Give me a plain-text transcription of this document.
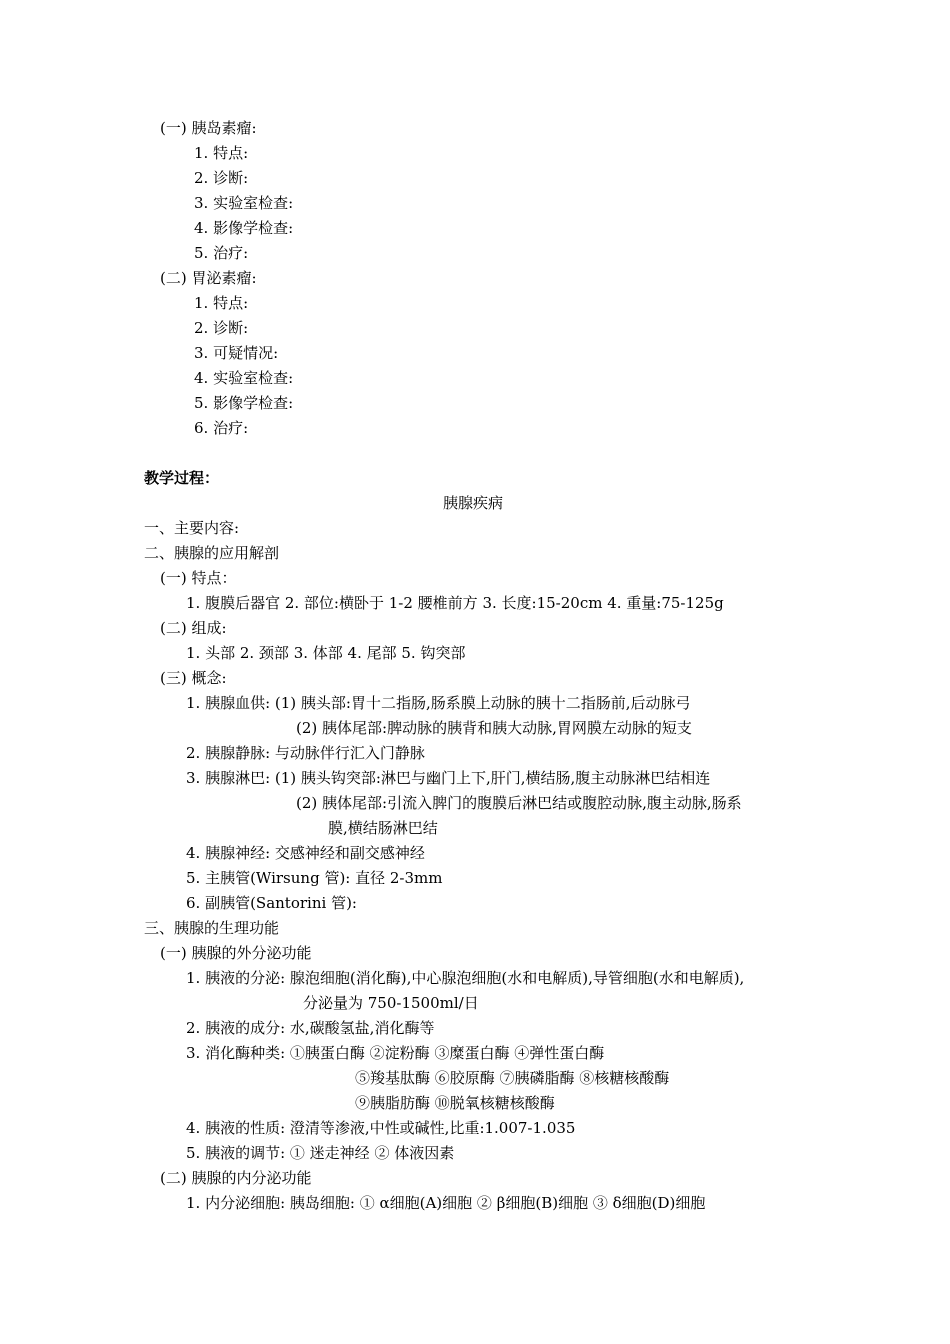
(一) 胰岛素瘤:
1. 特点:
2. 诊断:
3. 实验室检查:
4. 影像学检查:
5. 治疗:
(二) 胃泌素瘤:
1. 特点:
2. 诊断:
3. 可疑情况:
4. 实验室检查:
5. 影像学检查:
6. 治疗:
教学过程：
胰腺疾病
一、主要内容:
二、胰腺的应用解剖
(一) 特点：
1. 腹膜后器官 2. 部位:横卧于 1-2 腰椎前方 3. 长度:15-20cm 4. 重量:75-125g
(二) 组成:
1. 头部 2. 颈部 3. 体部 4. 尾部 5. 钩突部
(三) 概念:
1. 胰腺血供: (1) 胰头部:胃十二指肠,肠系膜上动脉的胰十二指肠前,后动脉弓
(2) 胰体尾部:脾动脉的胰背和胰大动脉,胃网膜左动脉的短支
2. 胰腺静脉: 与动脉伴行汇入门静脉
3. 胰腺淋巴: (1) 胰头钩突部:淋巴与幽门上下,肝门,横结肠,腹主动脉淋巴结相连
(2) 胰体尾部:引流入脾门的腹膜后淋巴结或腹腔动脉,腹主动脉,肠系
膜,横结肠淋巴结
4. 胰腺神经: 交感神经和副交感神经
5. 主胰管(Wirsung 管): 直径 2-3mm
6. 副胰管(Santorini 管):
三、胰腺的生理功能
(一) 胰腺的外分泌功能
1. 胰液的分泌: 腺泡细胞(消化酶),中心腺泡细胞(水和电解质),导管细胞(水和电解质),
分泌量为 750-1500ml/日
2. 胰液的成分: 水,碳酸氢盐,消化酶等
3. 消化酶种类: ①胰蛋白酶 ②淀粉酶 ③糜蛋白酶 ④弹性蛋白酶
⑤羧基肽酶 ⑥胶原酶 ⑦胰磷脂酶 ⑧核糖核酸酶
⑨胰脂肪酶 ⑩脱氧核糖核酸酶
4. 胰液的性质: 澄清等渗液,中性或碱性,比重:1.007-1.035
5. 胰液的调节: ① 迷走神经 ② 体液因素
(二) 胰腺的内分泌功能
1. 内分泌细胞: 胰岛细胞: ① α细胞(A)细胞 ② β细胞(B)细胞 ③ δ细胞(D)细胞
